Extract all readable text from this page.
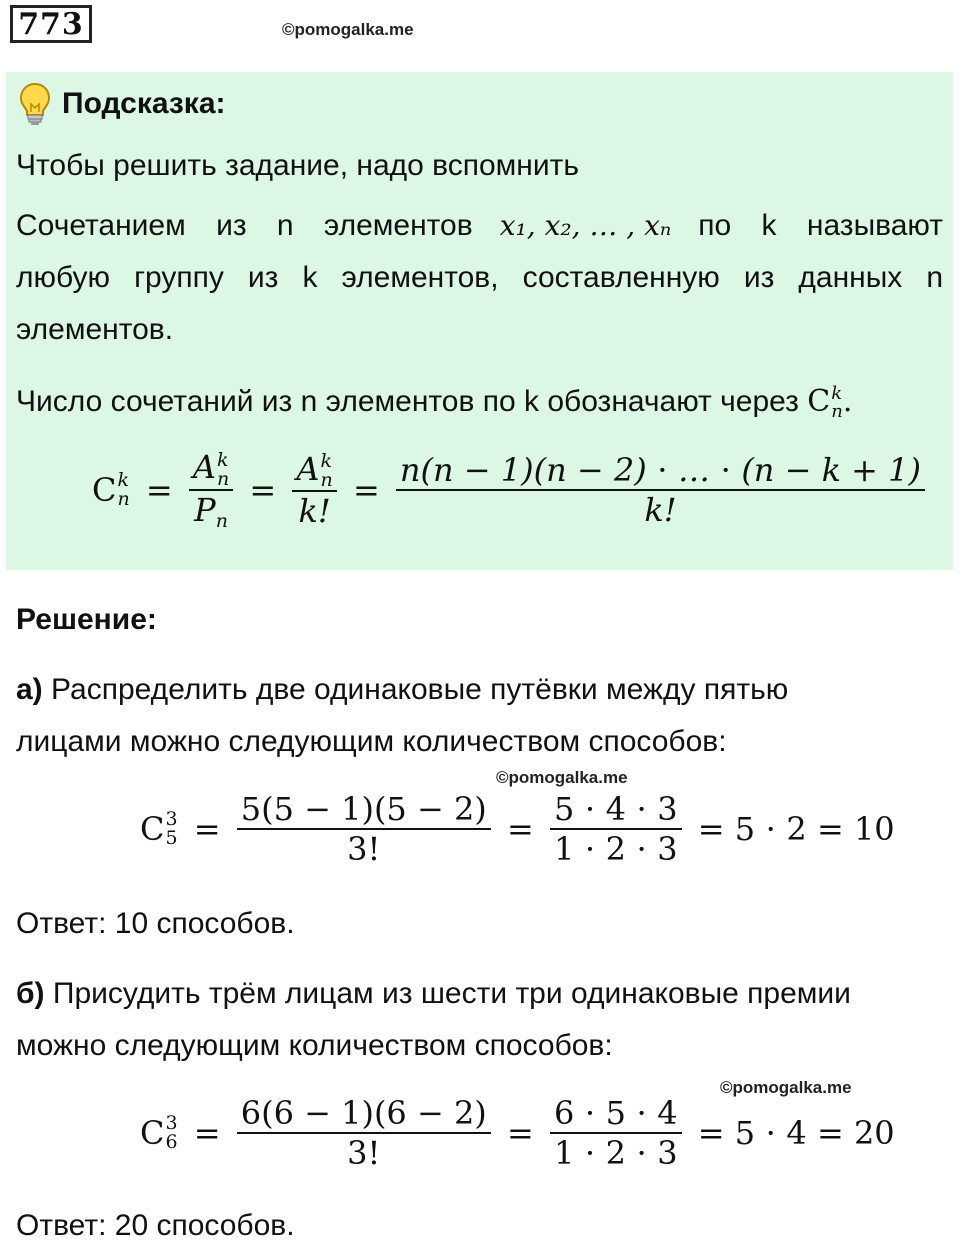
773	©pomogalka.me
Подсказка:
Чтобы решить задание, надо вспомнить
Сочетанием из n элементов x₁, x₂, … , xₙ по k называют
любую группу из k элементов, составленную из данных n
элементов.
Число сочетаний из n элементов по k обозначают через C k
n .
C k
n = A k
n
Pn = A k
n
k! = $\frac{n(n - 1)(n - 2) \cdot \dots \cdot (n - k + 1)}{k!}$
Решение:
а) Распределить две одинаковые путёвки между пятью
лицами можно следующим количеством способов:
©pomogalka.me
C 3
$5 = \frac{5(5 - 1)(5 - 2)}{3!} = \frac{5 \cdot 4 \cdot 3}{1 \cdot 2 \cdot 3} = 5 \cdot 2 = 10$
Ответ: 10 способов.
б) Присудить трём лицам из шести три одинаковые премии
можно следующим количеством способов:
©pomogalka.me
C 3
$6 = \frac{6(6 - 1)(6 - 2)}{3!} = \frac{6 \cdot 5 \cdot 4}{1 \cdot 2 \cdot 3} = 5 \cdot 4 = 20$
Ответ: 20 способов.
